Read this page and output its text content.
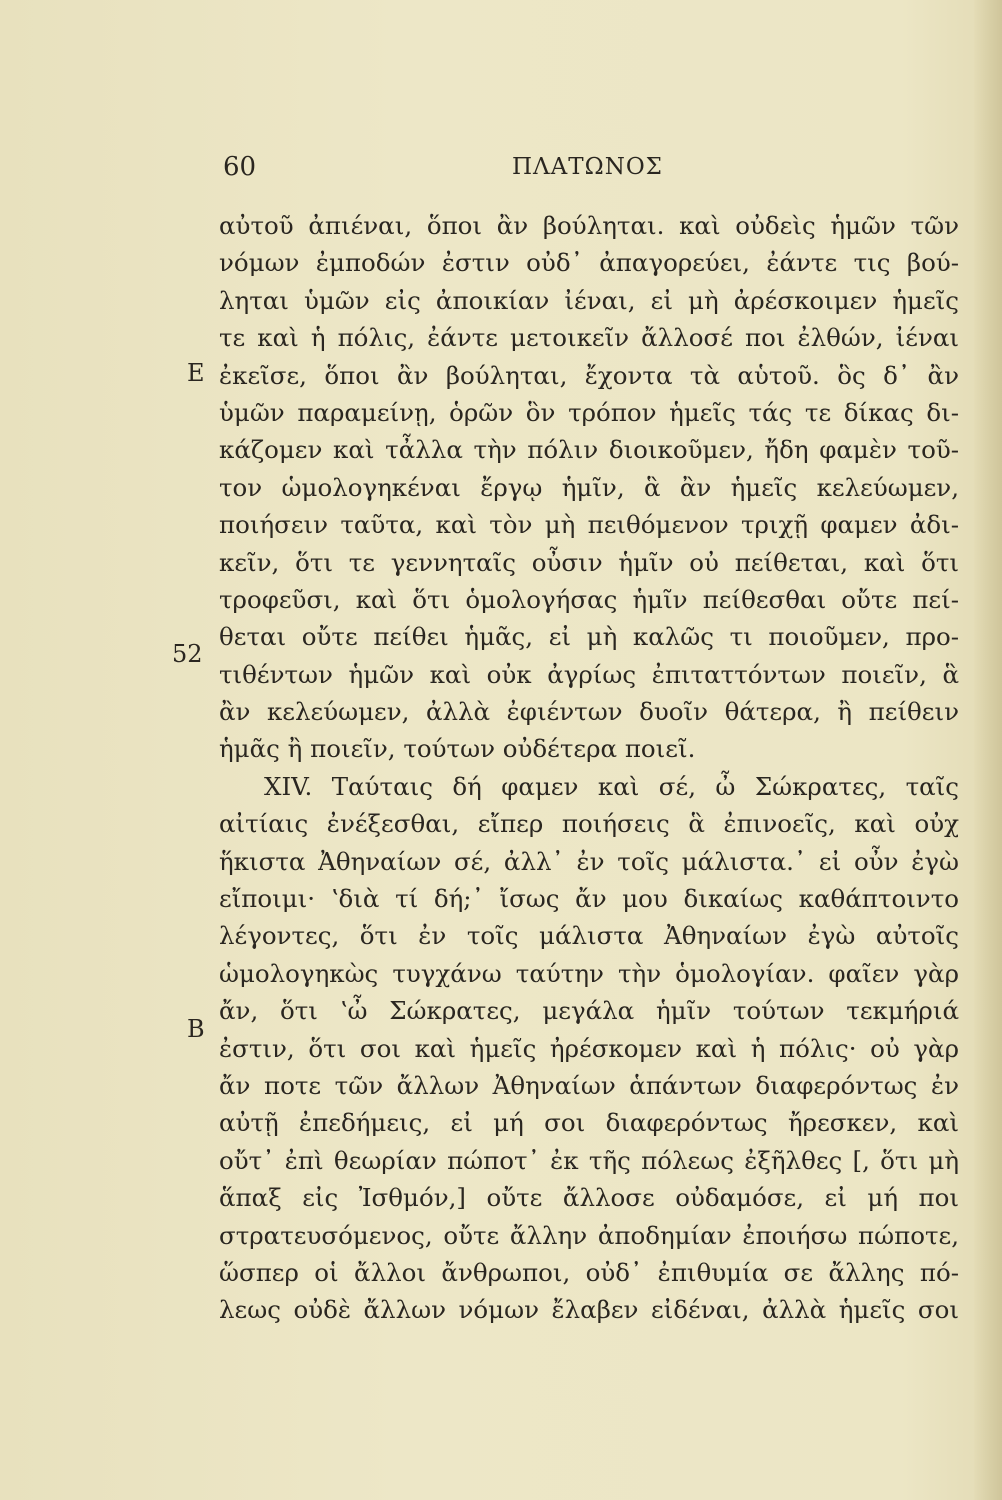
60	ΠΛΑΤΩΝΟΣ
E
52
B
αὐτοῦ ἀπιέναι, ὅποι ἂν βούληται. καὶ οὐδεὶς ἡμῶν τῶν
νόμων ἐμποδών ἐστιν οὐδ᾽ ἀπαγορεύει, ἐάντε τις βού-
ληται ὑμῶν εἰς ἀποικίαν ἰέναι, εἰ μὴ ἀρέσκοιμεν ἡμεῖς
τε καὶ ἡ πόλις, ἐάντε μετοικεῖν ἄλλοσέ ποι ἐλθών, ἰέναι
ἐκεῖσε, ὅποι ἂν βούληται, ἔχοντα τὰ αὑτοῦ. ὃς δ᾽ ἂν
ὑμῶν παραμείνῃ, ὁρῶν ὃν τρόπον ἡμεῖς τάς τε δίκας δι-
κάζομεν καὶ τἆλλα τὴν πόλιν διοικοῦμεν, ἤδη φαμὲν τοῦ-
τον ὡμολογηκέναι ἔργῳ ἡμῖν, ἃ ἂν ἡμεῖς κελεύωμεν,
ποιήσειν ταῦτα, καὶ τὸν μὴ πειθόμενον τριχῇ φαμεν ἀδι-
κεῖν, ὅτι τε γεννηταῖς οὖσιν ἡμῖν οὐ πείθεται, καὶ ὅτι
τροφεῦσι, καὶ ὅτι ὁμολογήσας ἡμῖν πείθεσθαι οὔτε πεί-
θεται οὔτε πείθει ἡμᾶς, εἰ μὴ καλῶς τι ποιοῦμεν, προ-
τιθέντων ἡμῶν καὶ οὐκ ἀγρίως ἐπιταττόντων ποιεῖν, ἃ
ἂν κελεύωμεν, ἀλλὰ ἐφιέντων δυοῖν θάτερα, ἢ πείθειν
ἡμᾶς ἢ ποιεῖν, τούτων οὐδέτερα ποιεῖ.
XIV. Ταύταις δή φαμεν καὶ σέ, ὦ Σώκρατες, ταῖς
αἰτίαις ἐνέξεσθαι, εἴπερ ποιήσεις ἃ ἐπινοεῖς, καὶ οὐχ
ἥκιστα Ἀθηναίων σέ, ἀλλ᾽ ἐν τοῖς μάλιστα.᾽ εἰ οὖν ἐγὼ
εἴποιμι· ʽδιὰ τί δή;᾽ ἴσως ἄν μου δικαίως καθάπτοιντο
λέγοντες, ὅτι ἐν τοῖς μάλιστα Ἀθηναίων ἐγὼ αὐτοῖς
ὡμολογηκὼς τυγχάνω ταύτην τὴν ὁμολογίαν. φαῖεν γὰρ
ἄν, ὅτι ʽὦ Σώκρατες, μεγάλα ἡμῖν τούτων τεκμήριά
ἐστιν, ὅτι σοι καὶ ἡμεῖς ἠρέσκομεν καὶ ἡ πόλις· οὐ γὰρ
ἄν ποτε τῶν ἄλλων Ἀθηναίων ἁπάντων διαφερόντως ἐν
αὐτῇ ἐπεδήμεις, εἰ μή σοι διαφερόντως ἤρεσκεν, καὶ
οὔτ᾽ ἐπὶ θεωρίαν πώποτ᾽ ἐκ τῆς πόλεως ἐξῆλθες [, ὅτι μὴ
ἅπαξ εἰς Ἰσθμόν,] οὔτε ἄλλοσε οὐδαμόσε, εἰ μή ποι
στρατευσόμενος, οὔτε ἄλλην ἀποδημίαν ἐποιήσω πώποτε,
ὥσπερ οἱ ἄλλοι ἄνθρωποι, οὐδ᾽ ἐπιθυμία σε ἄλλης πό-
λεως οὐδὲ ἄλλων νόμων ἔλαβεν εἰδέναι, ἀλλὰ ἡμεῖς σοι
